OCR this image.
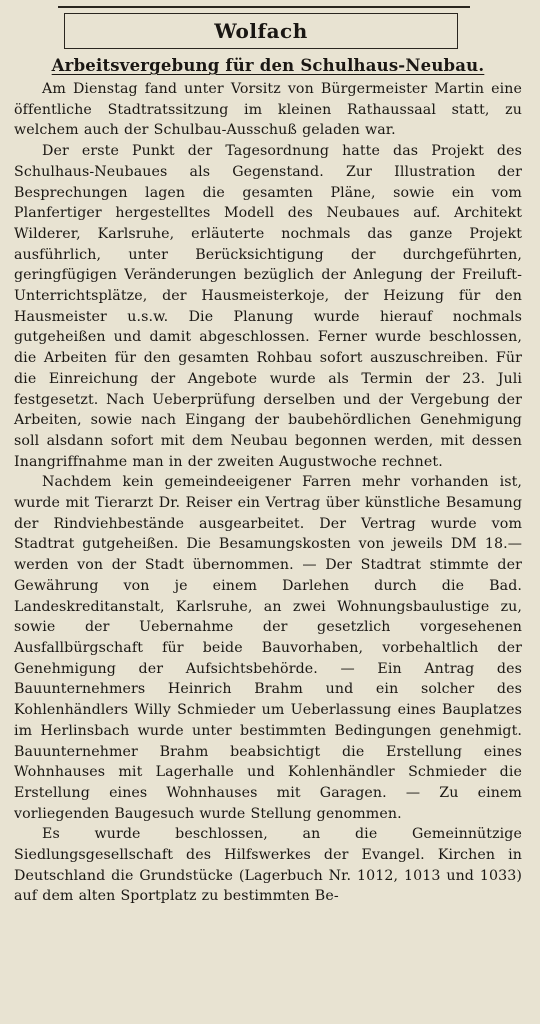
Wolfach
Arbeitsvergebung für den Schulhaus-Neubau.

Am Dienstag fand unter Vorsitz von Bürgermeister Martin eine öffentliche Stadtratssitzung im kleinen Rathaussaal statt, zu welchem auch der Schulbau-Ausschuß geladen war.

Der erste Punkt der Tagesordnung hatte das Projekt des Schulhaus-Neubaues als Gegenstand. Zur Illustration der Besprechungen lagen die gesamten Pläne, sowie ein vom Planfertiger hergestelltes Modell des Neubaues auf. Architekt Wilderer, Karlsruhe, erläuterte nochmals das ganze Projekt ausführlich, unter Berücksichtigung der durchgeführten, geringfügigen Veränderungen bezüglich der Anlegung der Freiluft-Unterrichtsplätze, der Hausmeisterkoje, der Heizung für den Hausmeister u.s.w. Die Planung wurde hierauf nochmals gutgeheißen und damit abgeschlossen. Ferner wurde beschlossen, die Arbeiten für den gesamten Rohbau sofort auszuschreiben. Für die Einreichung der Angebote wurde als Termin der 23. Juli festgesetzt. Nach Ueberprüfung derselben und der Vergebung der Arbeiten, sowie nach Eingang der baubehördlichen Genehmigung soll alsdann sofort mit dem Neubau begonnen werden, mit dessen Inangriffnahme man in der zweiten Augustwoche rechnet.

Nachdem kein gemeindeeigener Farren mehr vorhanden ist, wurde mit Tierarzt Dr. Reiser ein Vertrag über künstliche Besamung der Rindviehbestände ausgearbeitet. Der Vertrag wurde vom Stadtrat gutgeheißen. Die Besamungskosten von jeweils DM 18.— werden von der Stadt übernommen. — Der Stadtrat stimmte der Gewährung von je einem Darlehen durch die Bad. Landeskreditanstalt, Karlsruhe, an zwei Wohnungsbaulustige zu, sowie der Uebernahme der gesetzlich vorgesehenen Ausfallbürgschaft für beide Bauvorhaben, vorbehaltlich der Genehmigung der Aufsichtsbehörde. — Ein Antrag des Bauunternehmers Heinrich Brahm und ein solcher des Kohlenhändlers Willy Schmieder um Ueberlassung eines Bauplatzes im Herlinsbach wurde unter bestimmten Bedingungen genehmigt. Bauunternehmer Brahm beabsichtigt die Erstellung eines Wohnhauses mit Lagerhalle und Kohlenhändler Schmieder die Erstellung eines Wohnhauses mit Garagen. — Zu einem vorliegenden Baugesuch wurde Stellung genommen.

Es wurde beschlossen, an die Gemeinnützige Siedlungsgesellschaft des Hilfswerkes der Evangel. Kirchen in Deutschland die Grundstücke (Lagerbuch Nr. 1012, 1013 und 1033) auf dem alten Sportplatz zu bestimmten Be-
